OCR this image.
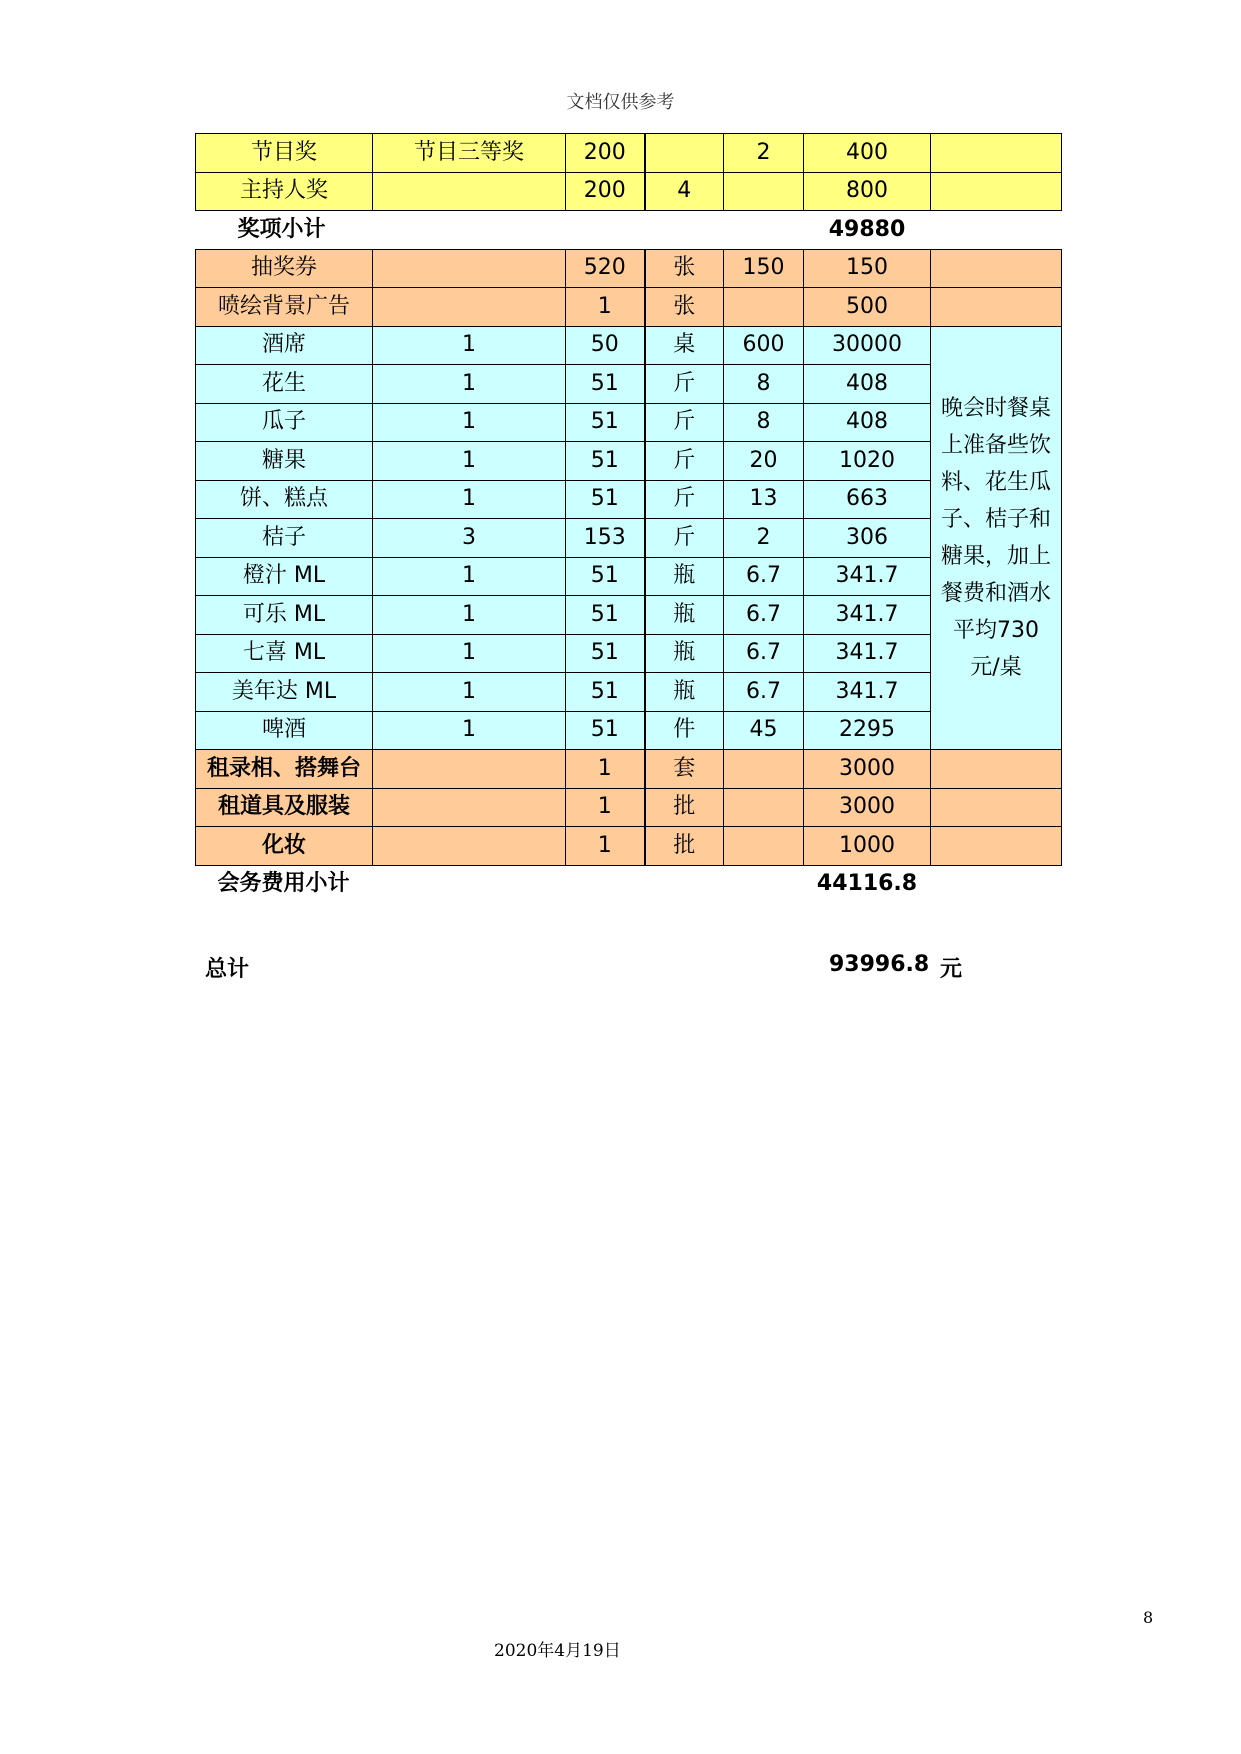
文档仅供参考
节目奖	节目三等奖	200		2	400	
主持人奖		200	4		800	
奖项小计					49880	
抽奖券		520	张	150	150	
喷绘背景广告		1	张		500	
酒席	1	50	桌	600	30000	晚会时餐桌上准备些饮料、花生瓜子、桔子和糖果，加上餐费和酒水平均730元/桌
花生	1	51	斤	8	408	
瓜子	1	51	斤	8	408	
糖果	1	51	斤	20	1020	
饼、糕点	1	51	斤	13	663	
桔子	3	153	斤	2	306	
橙汁 ML	1	51	瓶	6.7	341.7	
可乐 ML	1	51	瓶	6.7	341.7	
七喜 ML	1	51	瓶	6.7	341.7	
美年达 ML	1	51	瓶	6.7	341.7	
啤酒	1	51	件	45	2295	
租录相、搭舞台		1	套		3000	
租道具及服装		1	批		3000	
化妆		1	批		1000	
会务费用小计					44116.8	
总计	93996.8 元
8
2020年4月19日
